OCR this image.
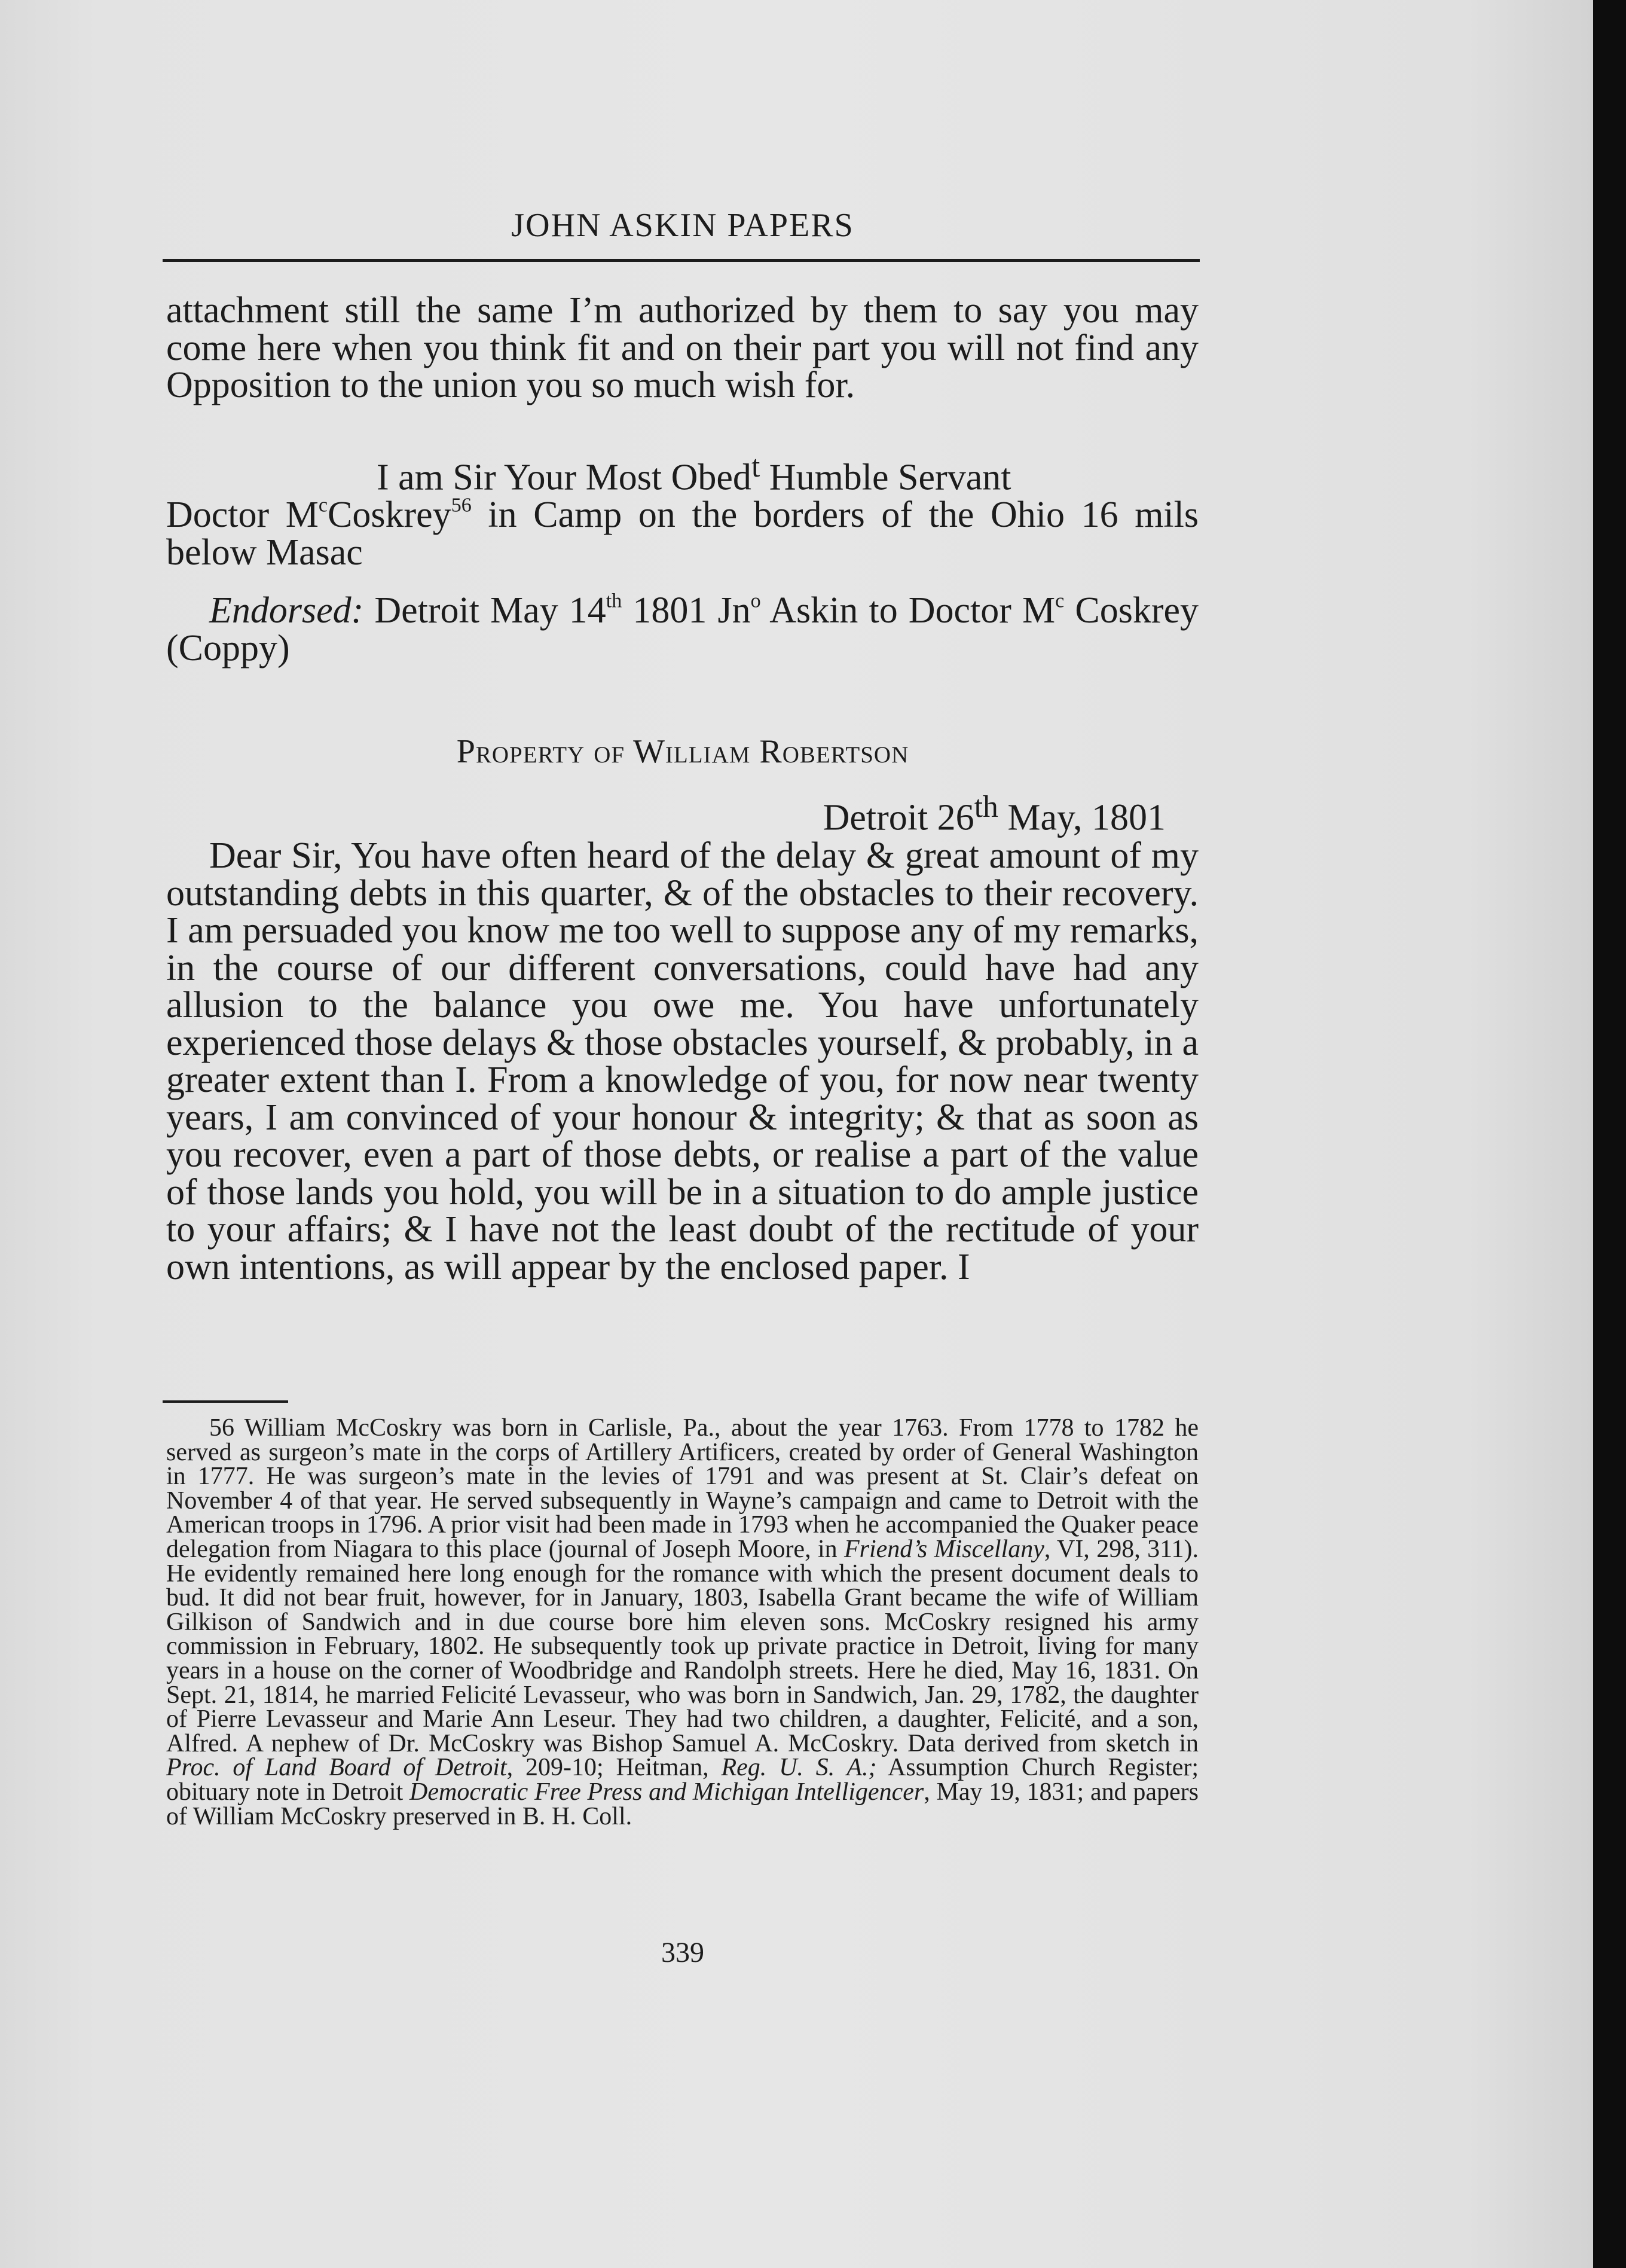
JOHN ASKIN PAPERS

attachment still the same I’m authorized by them to say you may come here when you think fit and on their part you will not find any Opposition to the union you so much wish for.

I am Sir Your Most Obed$^t$ Humble Servant

Doctor $M^cCoskrey^{56}$ in Camp on the borders of the Ohio 16 mils below Masac

Endorsed: Detroit May 14th 1801 Jn$^o$ Askin to Doctor $M^c$ Coskrey (Coppy)

Property of William Robertson
Detroit 26th May, 1801

Dear Sir, You have often heard of the delay & great amount of my outstanding debts in this quarter, & of the obstacles to their recovery. I am persuaded you know me too well to suppose any of my remarks, in the course of our different conversations, could have had any allusion to the balance you owe me. You have unfortunately experienced those delays & those obstacles yourself, & probably, in a greater extent than I. From a knowledge of you, for now near twenty years, I am convinced of your honour & integrity; & that as soon as you recover, even a part of those debts, or realise a part of the value of those lands you hold, you will be in a situation to do ample justice to your affairs; & I have not the least doubt of the rectitude of your own intentions, as will appear by the enclosed paper. I

56 William McCoskry was born in Carlisle, Pa., about the year 1763. From 1778 to 1782 he served as surgeon’s mate in the corps of Artillery Artificers, created by order of General Washington in 1777. He was surgeon’s mate in the levies of 1791 and was present at St. Clair’s defeat on November 4 of that year. He served subsequently in Wayne’s campaign and came to Detroit with the American troops in 1796. A prior visit had been made in 1793 when he accompanied the Quaker peace delegation from Niagara to this place (journal of Joseph Moore, in Friend’s Miscellany, VI, 298, 311). He evidently remained here long enough for the romance with which the present document deals to bud. It did not bear fruit, however, for in January, 1803, Isabella Grant became the wife of William Gilkison of Sandwich and in due course bore him eleven sons. McCoskry resigned his army commission in February, 1802. He subsequently took up private practice in Detroit, living for many years in a house on the corner of Woodbridge and Randolph streets. Here he died, May 16, 1831. On Sept. 21, 1814, he married Felicité Levasseur, who was born in Sandwich, Jan. 29, 1782, the daughter of Pierre Levasseur and Marie Ann Leseur. They had two children, a daughter, Felicité, and a son, Alfred. A nephew of Dr. McCoskry was Bishop Samuel A. McCoskry. Data derived from sketch in Proc. of Land Board of Detroit, 209-10; Heitman, Reg. U. S. A.; Assumption Church Register; obituary note in Detroit Democratic Free Press and Michigan Intelligencer, May 19, 1831; and papers of William McCoskry preserved in B. H. Coll.

339
